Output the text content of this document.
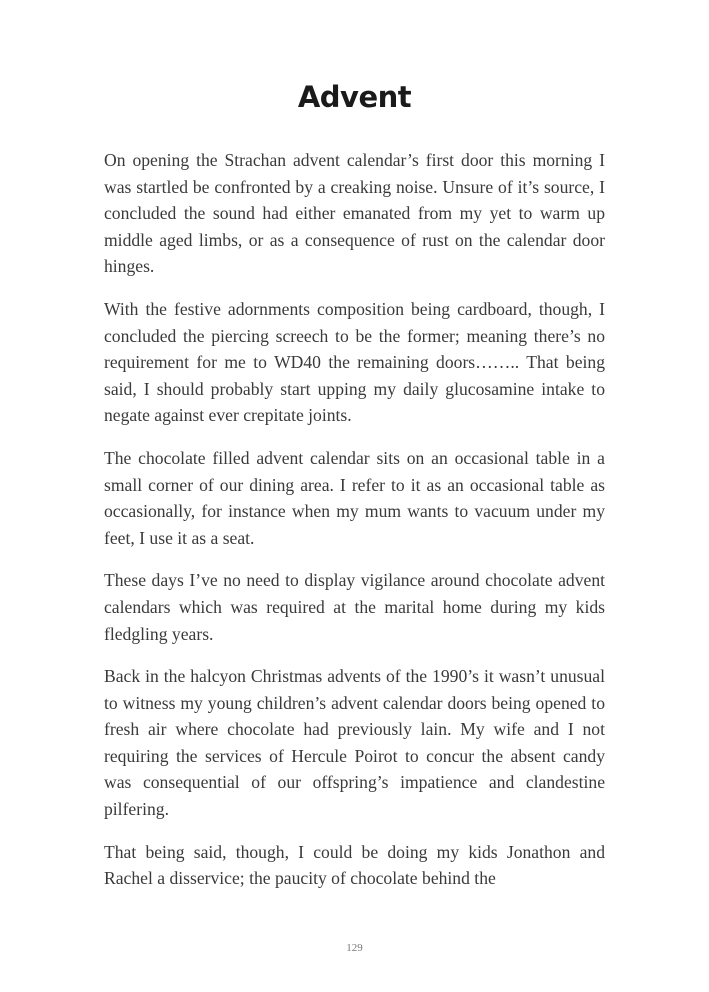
Advent

On opening the Strachan advent calendar’s first door this morning I was startled be confronted by a creaking noise. Unsure of it’s source, I concluded the sound had either emanated from my yet to warm up middle aged limbs, or as a consequence of rust on the calendar door hinges.

With the festive adornments composition being cardboard, though, I concluded the piercing screech to be the former; meaning there’s no requirement for me to WD40 the remaining doors…….. That being said, I should probably start upping my daily glucosamine intake to negate against ever crepitate joints.

The chocolate filled advent calendar sits on an occasional table in a small corner of our dining area. I refer to it as an occasional table as occasionally, for instance when my mum wants to vacuum under my feet, I use it as a seat.

These days I’ve no need to display vigilance around chocolate advent calendars which was required at the marital home during my kids fledgling years.

Back in the halcyon Christmas advents of the 1990’s it wasn’t unusual to witness my young children’s advent calendar doors being opened to fresh air where chocolate had previously lain. My wife and I not requiring the services of Hercule Poirot to concur the absent candy was consequential of our offspring’s impatience and clandestine pilfering.

That being said, though, I could be doing my kids Jonathon and Rachel a disservice; the paucity of chocolate behind the

129
